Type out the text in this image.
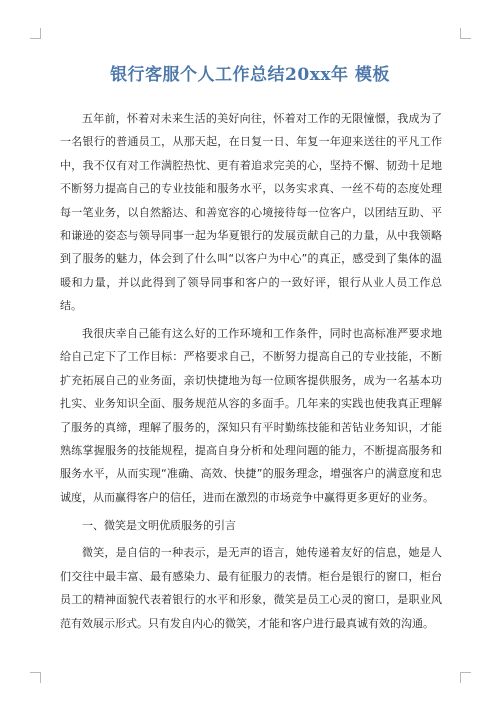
银行客服个人工作总结20xx年 模板

五年前，怀着对未来生活的美好向往，怀着对工作的无限憧憬，我成为了一名银行的普通员工，从那天起，在日复一日、年复一年迎来送往的平凡工作中，我不仅有对工作满腔热忱、更有着追求完美的心，坚持不懈、韧劲十足地不断努力提高自己的专业技能和服务水平，以务实求真、一丝不苟的态度处理每一笔业务，以自然豁达、和善宽容的心境接待每一位客户，以团结互助、平和谦逊的姿态与领导同事一起为华夏银行的发展贡献自己的力量，从中我领略到了服务的魅力，体会到了什么叫“以客户为中心”的真正，感受到了集体的温暖和力量，并以此得到了领导同事和客户的一致好评，银行从业人员工作总结。

我很庆幸自己能有这么好的工作环境和工作条件，同时也高标准严要求地给自己定下了工作目标：严格要求自己，不断努力提高自己的专业技能，不断扩充拓展自己的业务面，亲切快捷地为每一位顾客提供服务，成为一名基本功扎实、业务知识全面、服务规范从容的多面手。几年来的实践也使我真正理解了服务的真缔，理解了服务的，深知只有平时勤练技能和苦钻业务知识，才能熟练掌握服务的技能规程，提高自身分析和处理问题的能力，不断提高服务和服务水平，从而实现“准确、高效、快捷”的服务理念，增强客户的满意度和忠诚度，从而赢得客户的信任，进而在激烈的市场竞争中赢得更多更好的业务。

一、微笑是文明优质服务的引言

微笑，是自信的一种表示，是无声的语言，她传递着友好的信息，她是人们交往中最丰富、最有感染力、最有征服力的表情。柜台是银行的窗口，柜台员工的精神面貌代表着银行的水平和形象，微笑是员工心灵的窗口，是职业风范有效展示形式。只有发自内心的微笑，才能和客户进行最真诚有效的沟通。
